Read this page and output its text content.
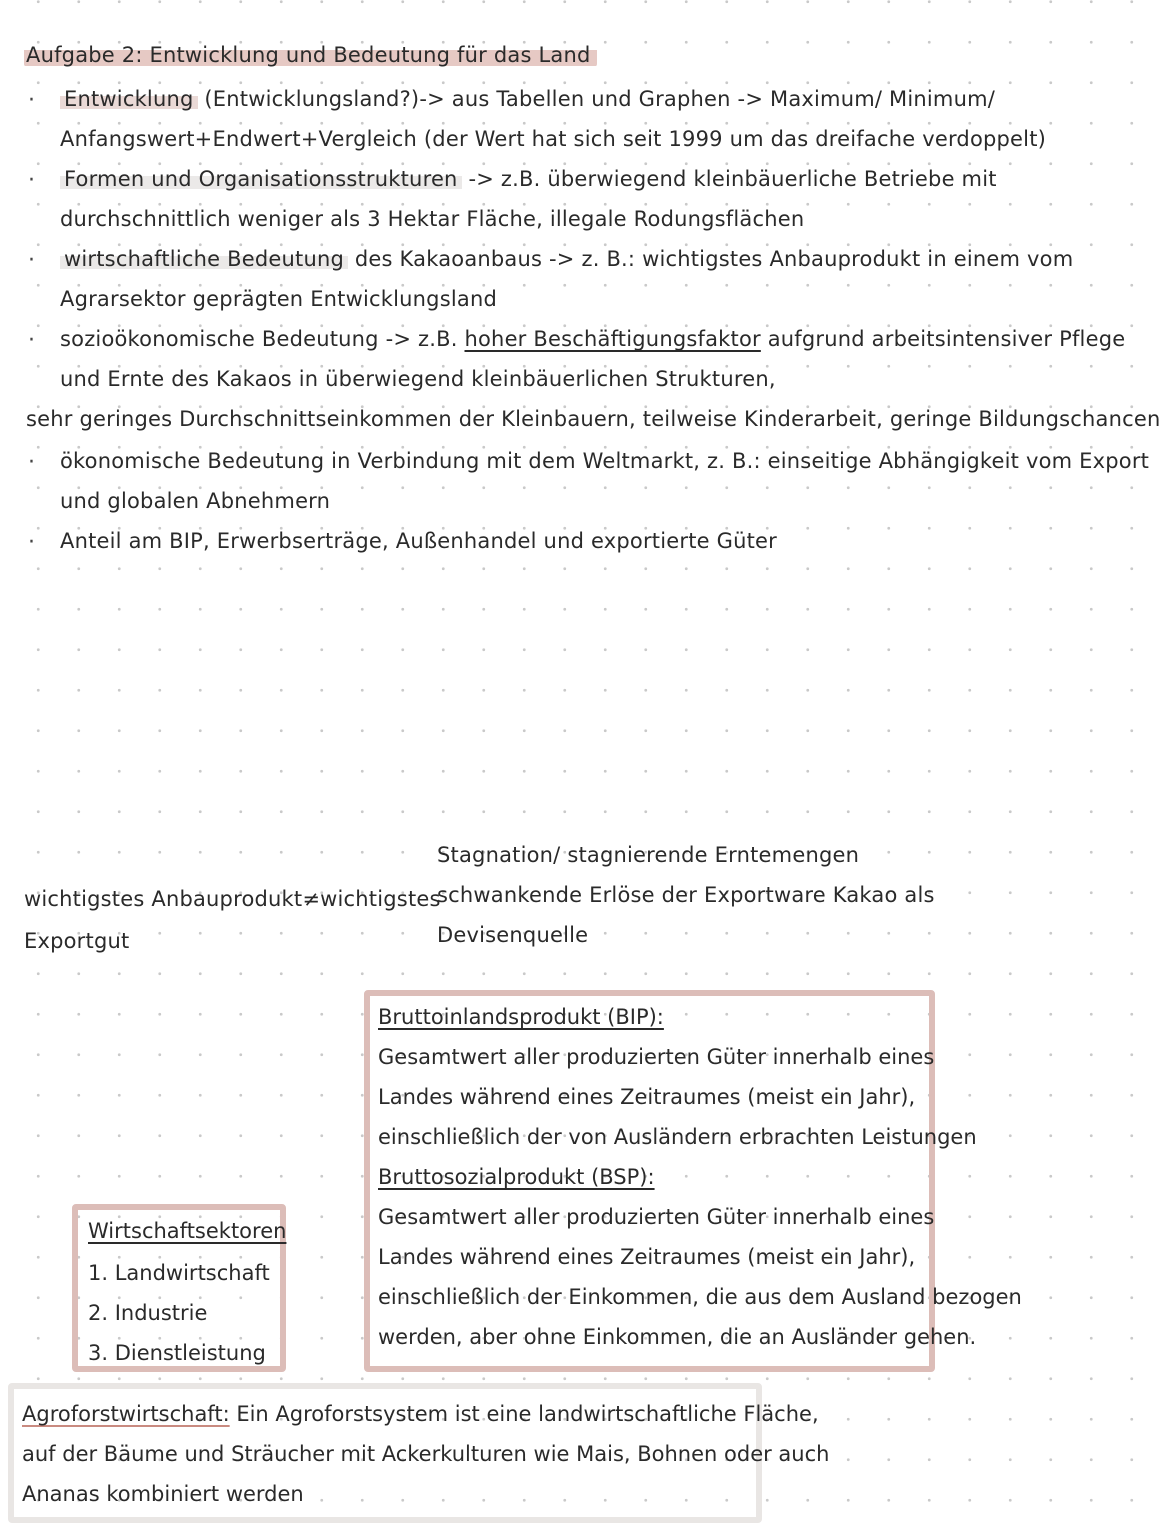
Aufgabe 2: Entwicklung und Bedeutung für das Land
· Entwicklung (Entwicklungsland?)-> aus Tabellen und Graphen -> Maximum/ Minimum/
Anfangswert+Endwert+Vergleich (der Wert hat sich seit 1999 um das dreifache verdoppelt)
· Formen und Organisationsstrukturen -> z.B. überwiegend kleinbäuerliche Betriebe mit
durchschnittlich weniger als 3 Hektar Fläche, illegale Rodungsflächen
· wirtschaftliche Bedeutung des Kakaoanbaus -> z. B.: wichtigstes Anbauprodukt in einem vom
Agrarsektor geprägten Entwicklungsland
· sozioökonomische Bedeutung -> z.B. hoher Beschäftigungsfaktor aufgrund arbeitsintensiver Pflege
und Ernte des Kakaos in überwiegend kleinbäuerlichen Strukturen,
sehr geringes Durchschnittseinkommen der Kleinbauern, teilweise Kinderarbeit, geringe Bildungschancen
· ökonomische Bedeutung in Verbindung mit dem Weltmarkt, z. B.: einseitige Abhängigkeit vom Export
und globalen Abnehmern
· Anteil am BIP, Erwerbserträge, Außenhandel und exportierte Güter
wichtigstes Anbauprodukt≠wichtigstes
Exportgut
Stagnation/ stagnierende Erntemengen
schwankende Erlöse der Exportware Kakao als
Devisenquelle
Bruttoinlandsprodukt (BIP):
Gesamtwert aller produzierten Güter innerhalb eines
Landes während eines Zeitraumes (meist ein Jahr),
einschließlich der von Ausländern erbrachten Leistungen
Bruttosozialprodukt (BSP):
Gesamtwert aller produzierten Güter innerhalb eines
Landes während eines Zeitraumes (meist ein Jahr),
einschließlich der Einkommen, die aus dem Ausland bezogen
werden, aber ohne Einkommen, die an Ausländer gehen.
Wirtschaftsektoren
1. Landwirtschaft
2. Industrie
3. Dienstleistung
Agroforstwirtschaft: Ein Agroforstsystem ist eine landwirtschaftliche Fläche,
auf der Bäume und Sträucher mit Ackerkulturen wie Mais, Bohnen oder auch
Ananas kombiniert werden
